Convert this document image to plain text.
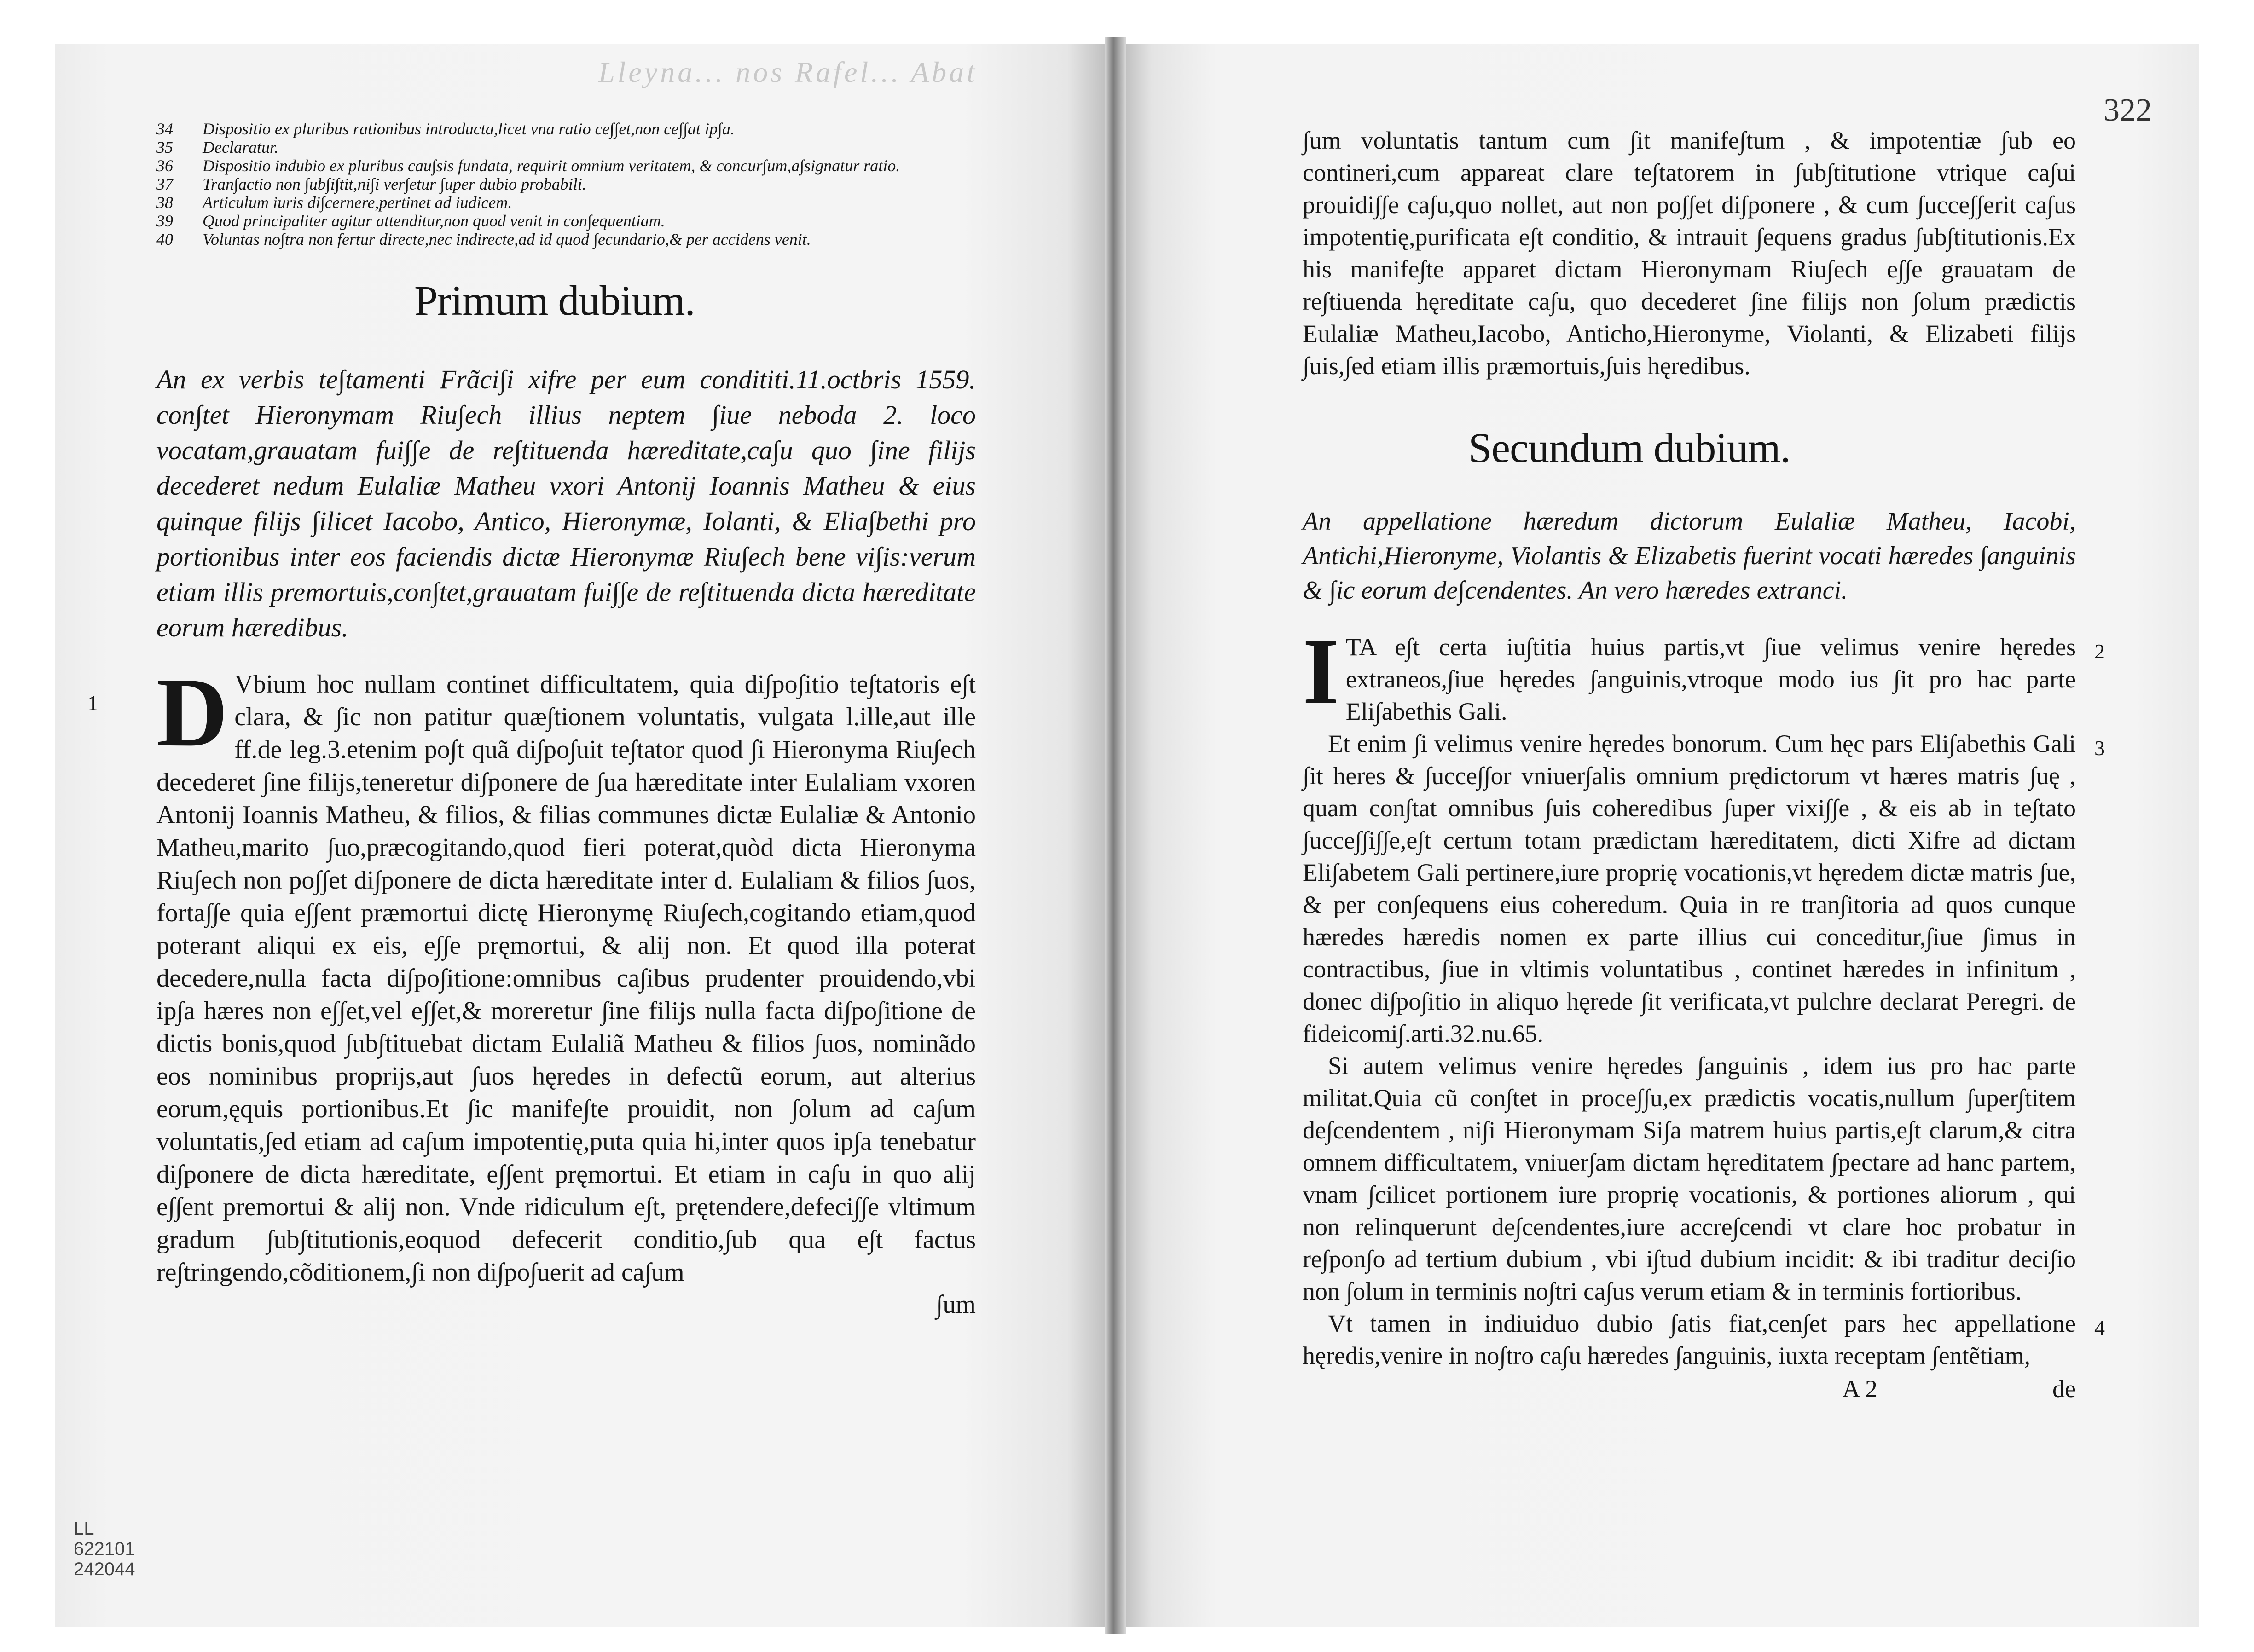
Lleyna... nos Rafel... Abat
322
LL
622101
242044
34	Dispositio ex pluribus rationibus introducta,licet vna ratio ce∫∫et,non ce∫∫at ip∫a.
35	Declaratur.
36	Dispositio indubio ex pluribus cau∫sis fundata, requirit omnium veritatem, & concur∫um,a∫signatur ratio.
37	Tran∫actio non ∫ub∫i∫tit,ni∫i ver∫etur ∫uper dubio probabili.
38	Articulum iuris di∫cernere,pertinet ad iudicem.
39	Quod principaliter agitur attenditur,non quod venit in con∫equentiam.
40	Voluntas no∫tra non fertur directe,nec indirecte,ad id quod ∫ecundario,& per accidens venit.
Primum dubium.

An ex verbis te∫tamenti Frãci∫i xifre per eum condititi.11.octbris 1559. con∫tet Hieronymam Riu∫ech illius neptem ∫iue neboda 2. loco vocatam,grauatam fui∫∫e de re∫tituenda hæreditate,ca∫u quo ∫ine filijs decederet nedum Eulaliæ Matheu vxori Antonij Ioannis Matheu & eius quinque filijs ∫ilicet Iacobo, Antico, Hieronymæ, Iolanti, & Elia∫bethi pro portionibus inter eos faciendis dictæ Hieronymæ Riu∫ech bene vi∫is:verum etiam illis premortuis,con∫tet,grauatam fui∫∫e de re∫tituenda dicta hæreditate eorum hæredibus.

1 D Vbium hoc nullam continet difficultatem, quia di∫po∫itio te∫tatoris e∫t clara, & ∫ic non patitur quæ∫tionem voluntatis, vulgata l.ille,aut ille ff.de leg.3.etenim po∫t quã di∫po∫uit te∫tator quod ∫i Hieronyma Riu∫ech decederet ∫ine filijs,teneretur di∫ponere de ∫ua hæreditate inter Eulaliam vxoren Antonij Ioannis Matheu, & filios, & filias communes dictæ Eulaliæ & Antonio Matheu,marito ∫uo,præcogitando,quod fieri poterat,quòd dicta Hieronyma Riu∫ech non po∫∫et di∫ponere de dicta hæreditate inter d. Eulaliam & filios ∫uos, forta∫∫e quia e∫∫ent præmortui dictę Hieronymę Riu∫ech,cogitando etiam,quod poterant aliqui ex eis, e∫∫e pręmortui, & alij non. Et quod illa poterat decedere,nulla facta di∫po∫itione:omnibus ca∫ibus prudenter prouidendo,vbi ip∫a hæres non e∫∫et,vel e∫∫et,& moreretur ∫ine filijs nulla facta di∫po∫itione de dictis bonis,quod ∫ub∫tituebat dictam Eulaliã Matheu & filios ∫uos, nominãdo eos nominibus proprijs,aut ∫uos hęredes in defectũ eorum, aut alterius eorum,ęquis portionibus.Et ∫ic manife∫te prouidit, non ∫olum ad ca∫um voluntatis,∫ed etiam ad ca∫um impotentię,puta quia hi,inter quos ip∫a tenebatur di∫ponere de dicta hæreditate, e∫∫ent pręmortui. Et etiam in ca∫u in quo alij e∫∫ent premortui & alij non. Vnde ridiculum e∫t, prętendere,defeci∫∫e vltimum gradum ∫ub∫titutionis,eoquod defecerit conditio,∫ub qua e∫t factus re∫tringendo,cõditionem,∫i non di∫po∫uerit ad ca∫um
∫um

∫um voluntatis tantum cum ∫it manife∫tum , & impotentiæ ∫ub eo contineri,cum appareat clare te∫tatorem in ∫ub∫titutione vtrique ca∫ui prouidi∫∫e ca∫u,quo nollet, aut non po∫∫et di∫ponere , & cum ∫ucce∫∫erit ca∫us impotentię,purificata e∫t conditio, & intrauit ∫equens gradus ∫ub∫titutionis.Ex his manife∫te apparet dictam Hieronymam Riu∫ech e∫∫e grauatam de re∫tiuenda hęreditate ca∫u, quo decederet ∫ine filijs non ∫olum prædictis Eulaliæ Matheu,Iacobo, Anticho,Hieronyme, Violanti, & Elizabeti filijs ∫uis,∫ed etiam illis præmortuis,∫uis hęredibus.

Secundum dubium.

An appellatione hæredum dictorum Eulaliæ Matheu, Iacobi, Antichi,Hieronyme, Violantis & Elizabetis fuerint vocati hæredes ∫anguinis & ∫ic eorum de∫cendentes. An vero hæredes extranci.

2
I TA e∫t certa iu∫titia huius partis,vt ∫iue velimus venire hęredes extraneos,∫iue hęredes ∫anguinis,vtroque modo ius ∫it pro hac parte Eli∫abethis Gali.
3
Et enim ∫i velimus venire hęredes bonorum. Cum hęc pars Eli∫abethis Gali ∫it heres & ∫ucce∫∫or vniuer∫alis omnium prędictorum vt hæres matris ∫uę , quam con∫tat omnibus ∫uis coheredibus ∫uper vixi∫∫e , & eis ab in te∫tato ∫ucce∫∫i∫∫e,e∫t certum totam prædictam hæreditatem, dicti Xifre ad dictam Eli∫abetem Gali pertinere,iure proprię vocationis,vt hęredem dictæ matris ∫ue, & per con∫equens eius coheredum. Quia in re tran∫itoria ad quos cunque hæredes hæredis nomen ex parte illius cui conceditur,∫iue ∫imus in contractibus, ∫iue in vltimis voluntatibus , continet hæredes in infinitum , donec di∫po∫itio in aliquo hęrede ∫it verificata,vt pulchre declarat Peregri. de fideicomi∫.arti.32.nu.65.

Si autem velimus venire hęredes ∫anguinis , idem ius pro hac parte militat.Quia cũ con∫tet in proce∫∫u,ex prædictis vocatis,nullum ∫uper∫titem de∫cendentem , ni∫i Hieronymam Si∫a matrem huius partis,e∫t clarum,& citra omnem difficultatem, vniuer∫am dictam hęreditatem ∫pectare ad hanc partem, vnam ∫cilicet portionem iure proprię vocationis, & portiones aliorum , qui non relinquerunt de∫cendentes,iure accre∫cendi vt clare hoc probatur in re∫pon∫o ad tertium dubium , vbi i∫tud dubium incidit: & ibi traditur deci∫io non ∫olum in terminis no∫tri ca∫us verum etiam & in terminis fortioribus.

4
Vt tamen in indiuiduo dubio ∫atis fiat,cen∫et pars hec appellatione hęredis,venire in no∫tro ca∫u hæredes ∫anguinis, iuxta receptam ∫entẽtiam,
A 2	de
